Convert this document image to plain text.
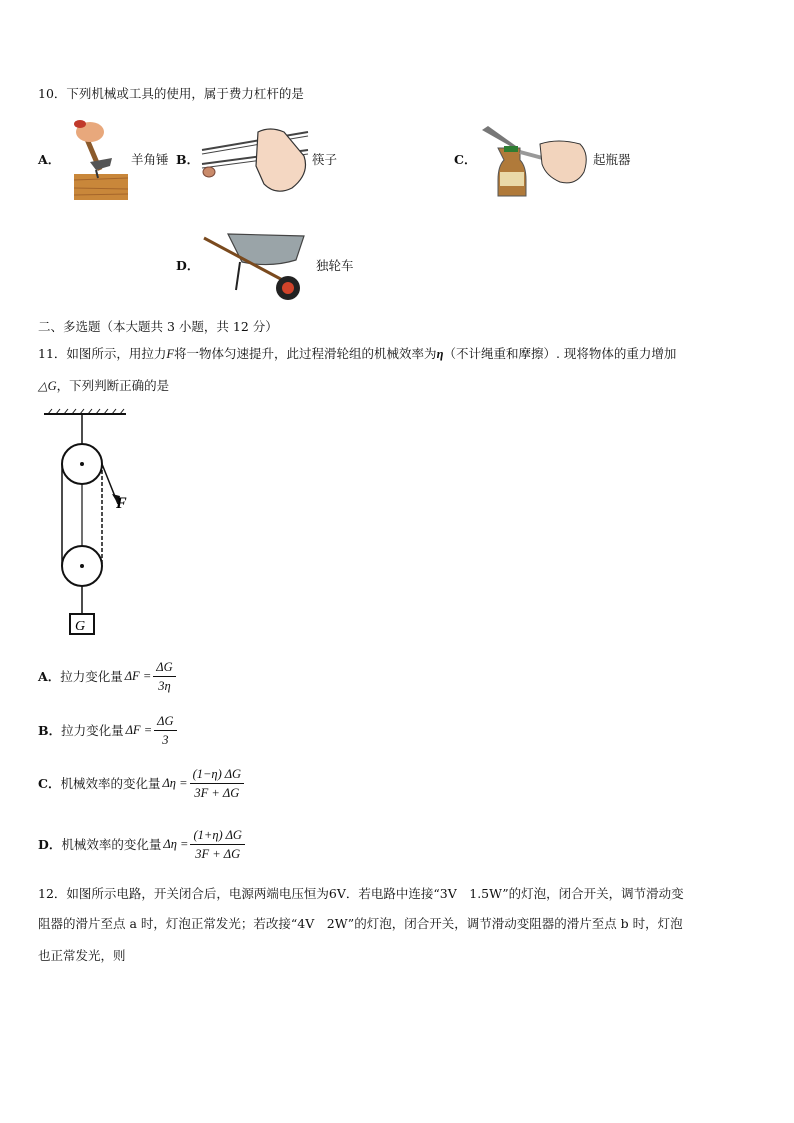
10．下列机械或工具的使用，属于费力杠杆的是
A．	羊角锤 B．	筷子	C．	起瓶器
D．	独轮车
二、多选题（本大题共 3 小题，共 12 分）
11．如图所示，用拉力F将一物体匀速提升，此过程滑轮组的机械效率为η（不计绳重和摩擦）. 现将物体的重力增加
△G，下列判断正确的是
F
G
A． 拉力变化量 $\Delta F = \frac{\Delta G}{3\eta}$
B． 拉力变化量 $\Delta F = \frac{\Delta G}{3}$
C． 机械效率的变化量 $\Delta\eta = \frac{(1-\eta) \Delta G}{3F + \Delta G}$
D． 机械效率的变化量 $\Delta\eta = \frac{(1+\eta) \Delta G}{3F + \Delta G}$
12．如图所示电路，开关闭合后，电源两端电压恒为6V．若电路中连接“3V　1.5W”的灯泡，闭合开关，调节滑动变
阻器的滑片至点 a 时，灯泡正常发光；若改接“4V　2W”的灯泡，闭合开关，调节滑动变阻器的滑片至点 b 时，灯泡
也正常发光，则
